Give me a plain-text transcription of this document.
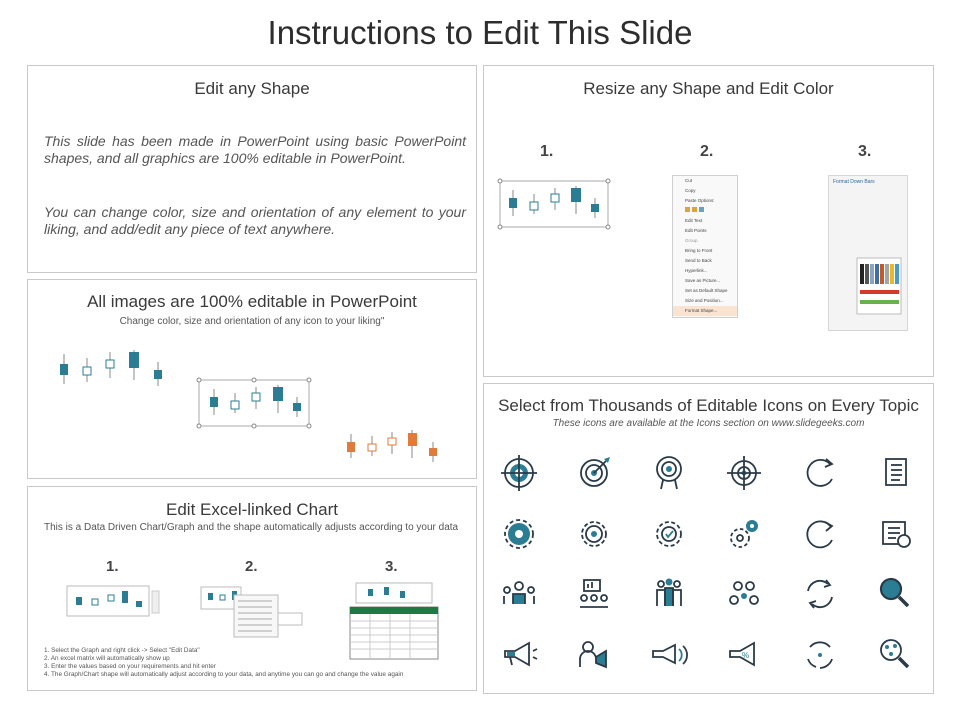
Instructions to Edit This Slide
Edit any Shape
This slide has been made in PowerPoint using basic PowerPoint shapes, and all graphics are 100% editable in PowerPoint.
You can change color, size and orientation of any element to your liking, and add/edit any piece of text anywhere.
All images are 100% editable in PowerPoint
Change color, size and orientation of any icon to your liking"
Edit Excel-linked Chart
This is a Data Driven Chart/Graph and the shape automatically adjusts according to your data
1.	2.	3.
1. Select the Graph and right click -> Select "Edit Data"
2. An excel matrix will automatically show up
3. Enter the values based on your requirements and hit enter
4. The Graph/Chart shape will automatically adjust according to your data, and anytime you can go and change the value again
Resize any Shape and Edit Color
1.	2.	3.
Cut
Copy
Paste Options:
Edit Text
Edit Points
Group
Bring to Front
Send to Back
Hyperlink...
Save as Picture...
Set as Default Shape
Size and Position...
Format Shape...
Format Down Bars
Select from Thousands of Editable Icons on Every Topic
These icons are available at the Icons section on www.slidegeeks.com
%
